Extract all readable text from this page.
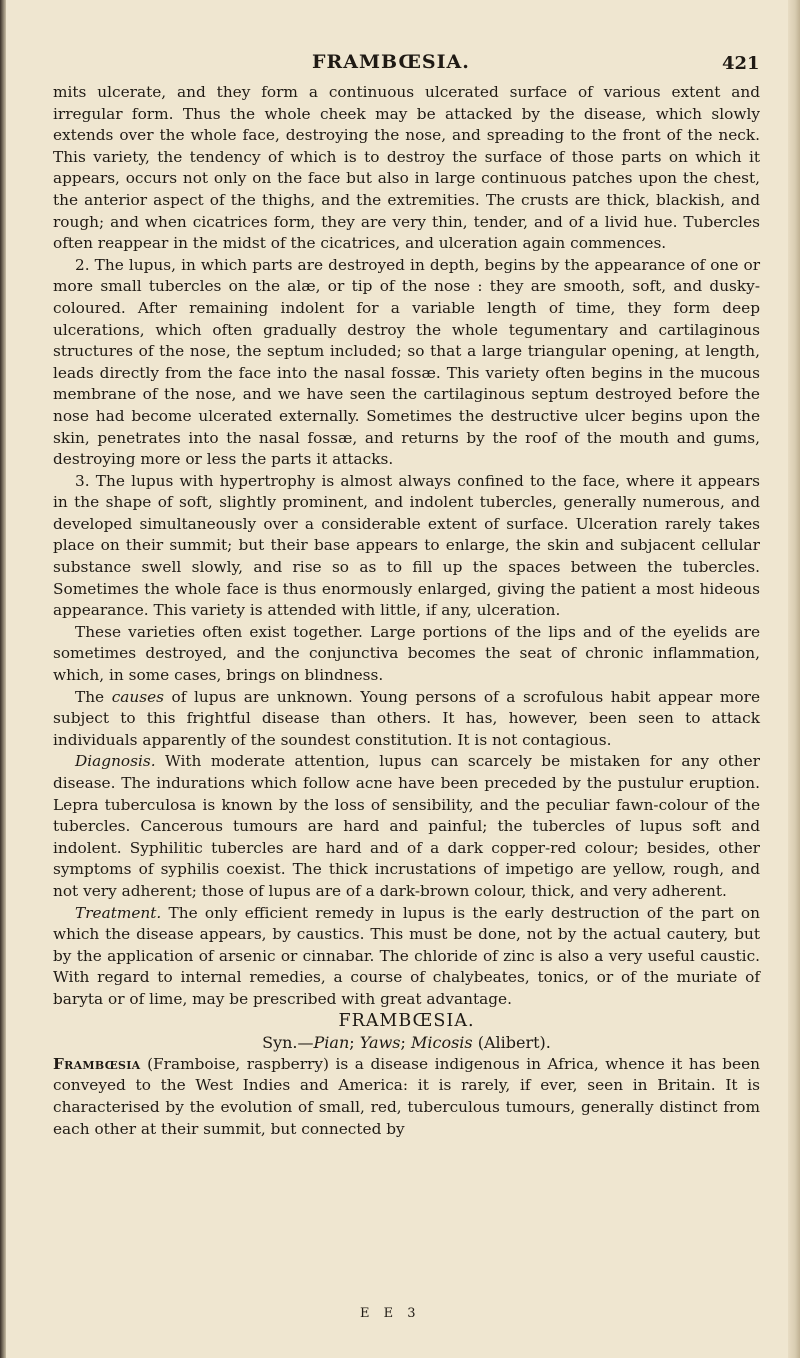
FRAMBŒSIA.	421

mits ulcerate, and they form a continuous ulcerated surface of various extent and irregular form. Thus the whole cheek may be attacked by the disease, which slowly extends over the whole face, destroying the nose, and spreading to the front of the neck. This variety, the tendency of which is to destroy the surface of those parts on which it appears, occurs not only on the face but also in large continuous patches upon the chest, the anterior aspect of the thighs, and the extremities. The crusts are thick, blackish, and rough; and when cicatrices form, they are very thin, tender, and of a livid hue. Tubercles often reappear in the midst of the cicatrices, and ulceration again commences.

2. The lupus, in which parts are destroyed in depth, begins by the appearance of one or more small tubercles on the alæ, or tip of the nose : they are smooth, soft, and dusky-coloured. After remaining indolent for a variable length of time, they form deep ulcerations, which often gradually destroy the whole tegumentary and cartilaginous structures of the nose, the septum included; so that a large triangular opening, at length, leads directly from the face into the nasal fossæ. This variety often begins in the mucous membrane of the nose, and we have seen the cartilaginous septum destroyed before the nose had become ulcerated externally. Sometimes the destructive ulcer begins upon the skin, penetrates into the nasal fossæ, and returns by the roof of the mouth and gums, destroying more or less the parts it attacks.

3. The lupus with hypertrophy is almost always confined to the face, where it appears in the shape of soft, slightly prominent, and indolent tubercles, generally numerous, and developed simultaneously over a considerable extent of surface. Ulceration rarely takes place on their summit; but their base appears to enlarge, the skin and subjacent cellular substance swell slowly, and rise so as to fill up the spaces between the tubercles. Sometimes the whole face is thus enormously enlarged, giving the patient a most hideous appearance. This variety is attended with little, if any, ulceration.

These varieties often exist together. Large portions of the lips and of the eyelids are sometimes destroyed, and the conjunctiva becomes the seat of chronic inflammation, which, in some cases, brings on blindness.

The causes of lupus are unknown. Young persons of a scrofulous habit appear more subject to this frightful disease than others. It has, however, been seen to attack individuals apparently of the soundest constitution. It is not contagious.

Diagnosis. With moderate attention, lupus can scarcely be mistaken for any other disease. The indurations which follow acne have been preceded by the pustulur eruption. Lepra tuberculosa is known by the loss of sensibility, and the peculiar fawn-colour of the tubercles. Cancerous tumours are hard and painful; the tubercles of lupus soft and indolent. Syphilitic tubercles are hard and of a dark copper-red colour; besides, other symptoms of syphilis coexist. The thick incrustations of impetigo are yellow, rough, and not very adherent; those of lupus are of a dark-brown colour, thick, and very adherent.

Treatment. The only efficient remedy in lupus is the early destruction of the part on which the disease appears, by caustics. This must be done, not by the actual cautery, but by the application of arsenic or cinnabar. The chloride of zinc is also a very useful caustic. With regard to internal remedies, a course of chalybeates, tonics, or of the muriate of baryta or of lime, may be prescribed with great advantage.

FRAMBŒSIA.

Syn.—Pian; Yaws; Micosis (Alibert).

Frambœsia (Framboise, raspberry) is a disease indigenous in Africa, whence it has been conveyed to the West Indies and America: it is rarely, if ever, seen in Britain. It is characterised by the evolution of small, red, tuberculous tumours, generally distinct from each other at their summit, but connected by

E E 3
